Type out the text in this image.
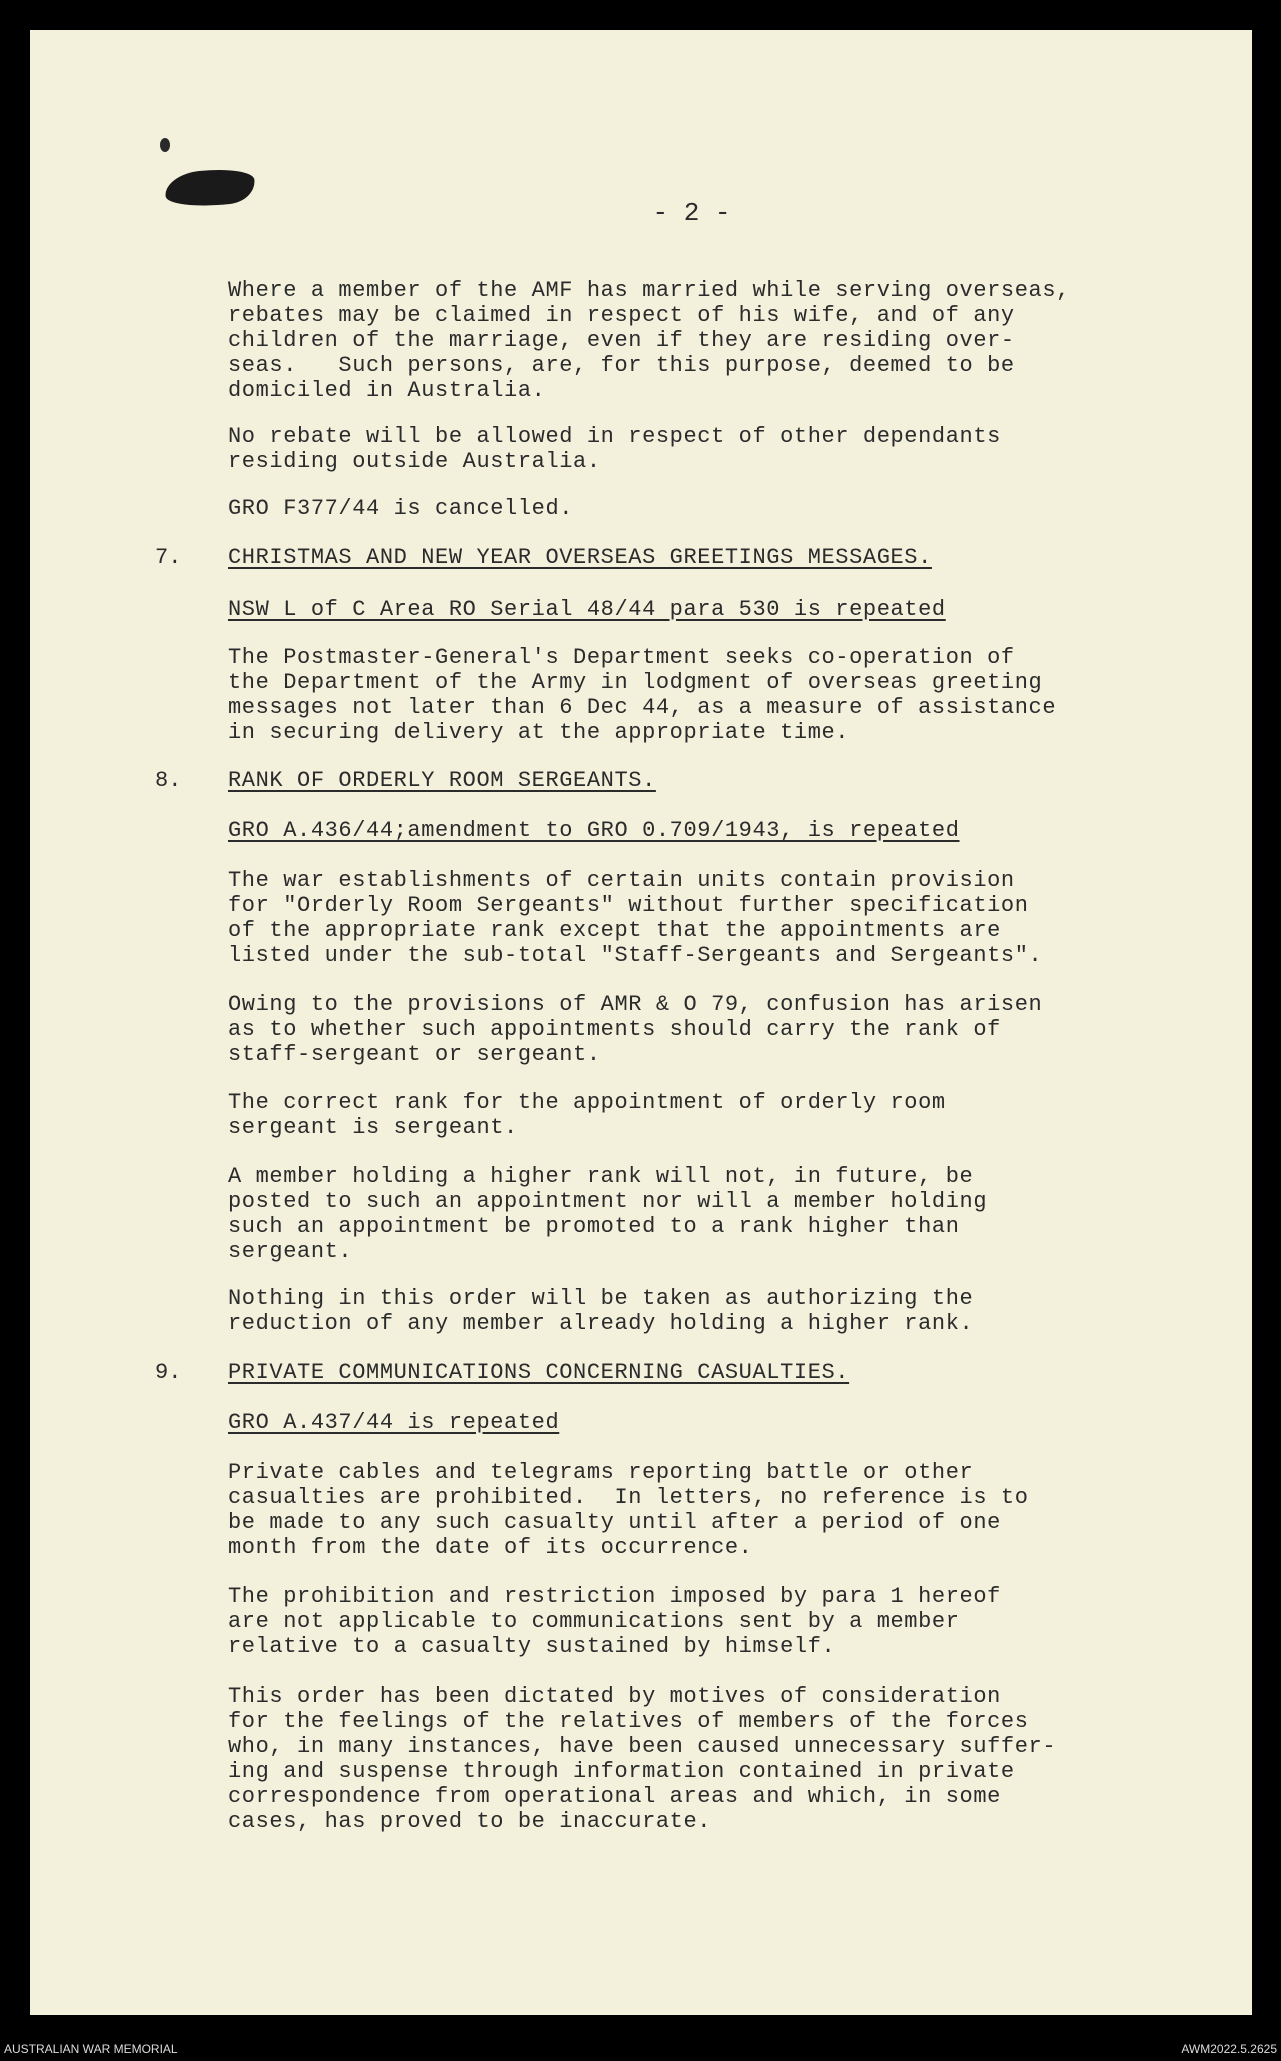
- 2 -
Where a member of the AMF has married while serving overseas,
rebates may be claimed in respect of his wife, and of any
children of the marriage, even if they are residing over-
seas.   Such persons, are, for this purpose, deemed to be
domiciled in Australia.
No rebate will be allowed in respect of other dependants
residing outside Australia.
GRO F377/44 is cancelled.
7. CHRISTMAS AND NEW YEAR OVERSEAS GREETINGS MESSAGES.
NSW L of C Area RO Serial 48/44 para 530 is repeated
The Postmaster-General's Department seeks co-operation of
the Department of the Army in lodgment of overseas greeting
messages not later than 6 Dec 44, as a measure of assistance
in securing delivery at the appropriate time.
8. RANK OF ORDERLY ROOM SERGEANTS.
GRO A.436/44;amendment to GRO 0.709/1943, is repeated
The war establishments of certain units contain provision
for "Orderly Room Sergeants" without further specification
of the appropriate rank except that the appointments are
listed under the sub-total "Staff-Sergeants and Sergeants".
Owing to the provisions of AMR & O 79, confusion has arisen
as to whether such appointments should carry the rank of
staff-sergeant or sergeant.
The correct rank for the appointment of orderly room
sergeant is sergeant.
A member holding a higher rank will not, in future, be
posted to such an appointment nor will a member holding
such an appointment be promoted to a rank higher than
sergeant.
Nothing in this order will be taken as authorizing the
reduction of any member already holding a higher rank.
9. PRIVATE COMMUNICATIONS CONCERNING CASUALTIES.
GRO A.437/44 is repeated
Private cables and telegrams reporting battle or other
casualties are prohibited.  In letters, no reference is to
be made to any such casualty until after a period of one
month from the date of its occurrence.
The prohibition and restriction imposed by para 1 hereof
are not applicable to communications sent by a member
relative to a casualty sustained by himself.
This order has been dictated by motives of consideration
for the feelings of the relatives of members of the forces
who, in many instances, have been caused unnecessary suffer-
ing and suspense through information contained in private
correspondence from operational areas and which, in some
cases, has proved to be inaccurate.
AUSTRALIAN WAR MEMORIAL	AWM2022.5.2625
